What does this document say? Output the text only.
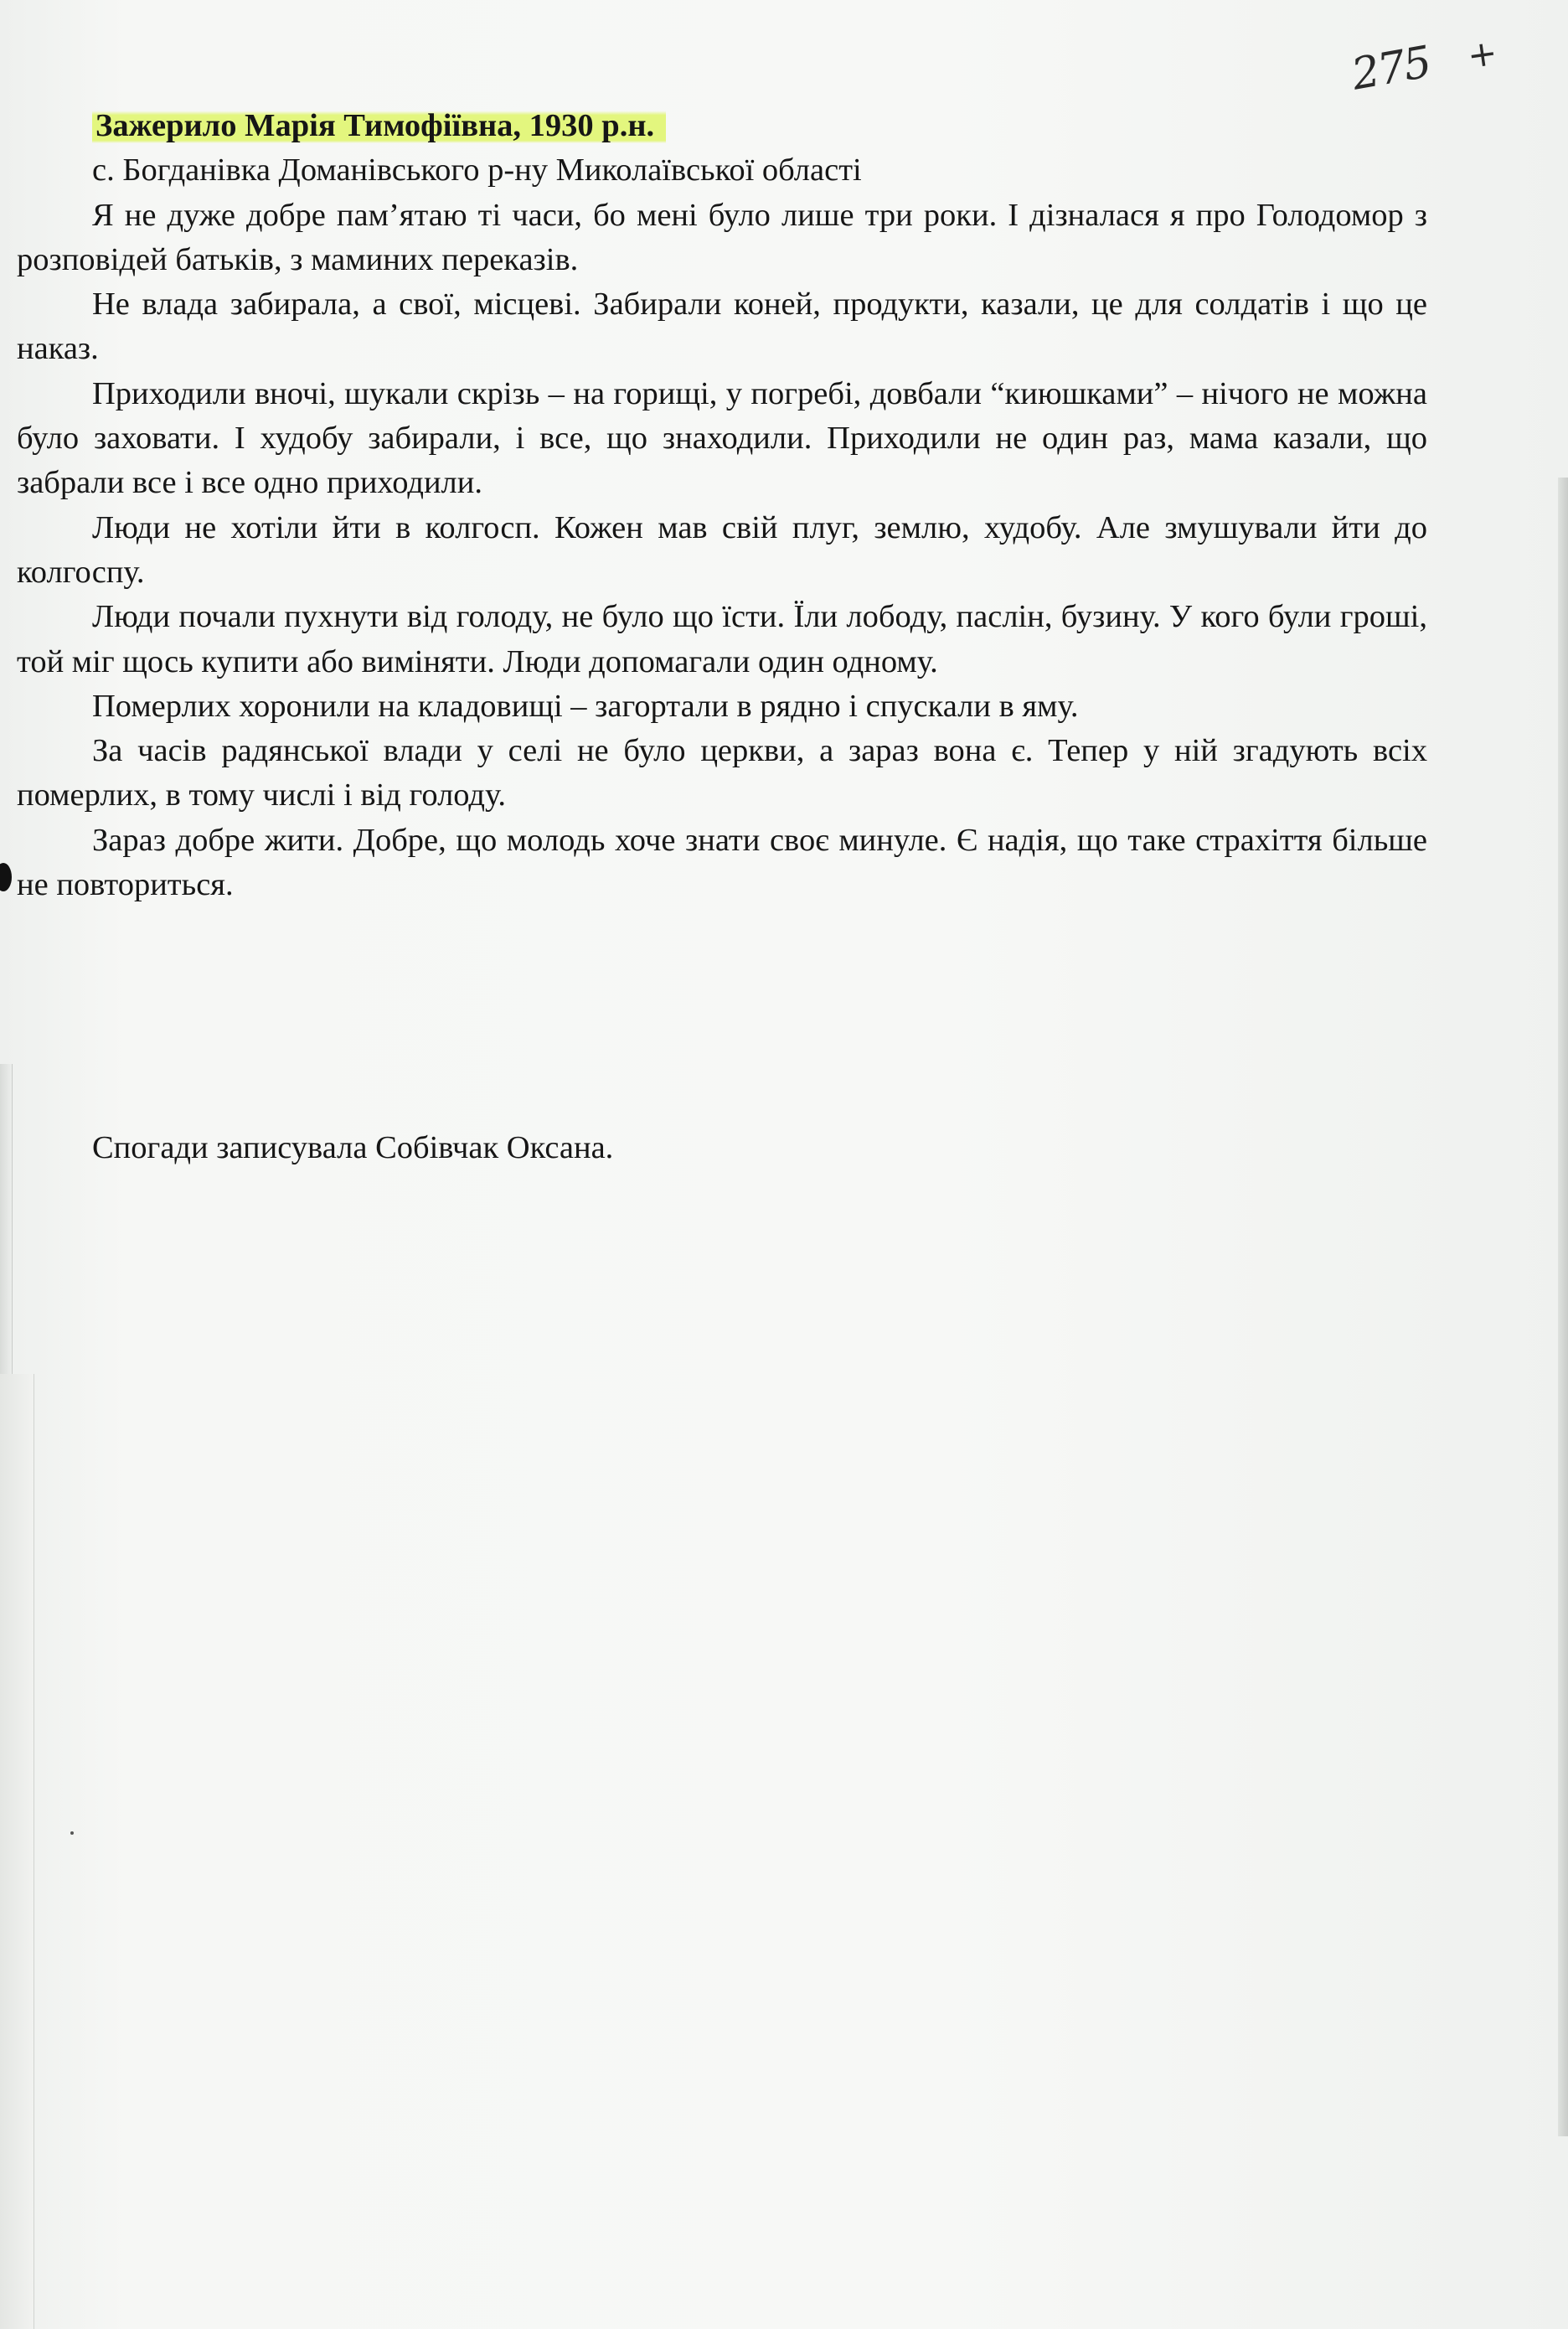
275 +
Зажерило Марія Тимофіївна, 1930 р.н.
с. Богданівка Доманівського р-ну Миколаївської області

Я не дуже добре пам’ятаю ті часи, бо мені було лише три роки. І дізналася я про Голодомор з розповідей батьків, з маминих переказів.

Не влада забирала, а свої, місцеві. Забирали коней, продукти, казали, це для солдатів і що це наказ.

Приходили вночі, шукали скрізь – на горищі, у погребі, довбали “киюшками” – нічого не можна було заховати. І худобу забирали, і все, що знаходили. Приходили не один раз, мама казали, що забрали все і все одно приходили.

Люди не хотіли йти в колгосп. Кожен мав свій плуг, землю, худобу. Але змушували йти до колгоспу.

Люди почали пухнути від голоду, не було що їсти. Їли лободу, паслін, бузину. У кого були гроші, той міг щось купити або виміняти. Люди допомагали один одному.

Померлих хоронили на кладовищі – загортали в рядно і спускали в яму.

За часів радянської влади у селі не було церкви, а зараз вона є. Тепер у ній згадують всіх померлих, в тому числі і від голоду.

Зараз добре жити. Добре, що молодь хоче знати своє минуле. Є надія, що таке страхіття більше не повториться.

Спогади записувала Собівчак Оксана.
